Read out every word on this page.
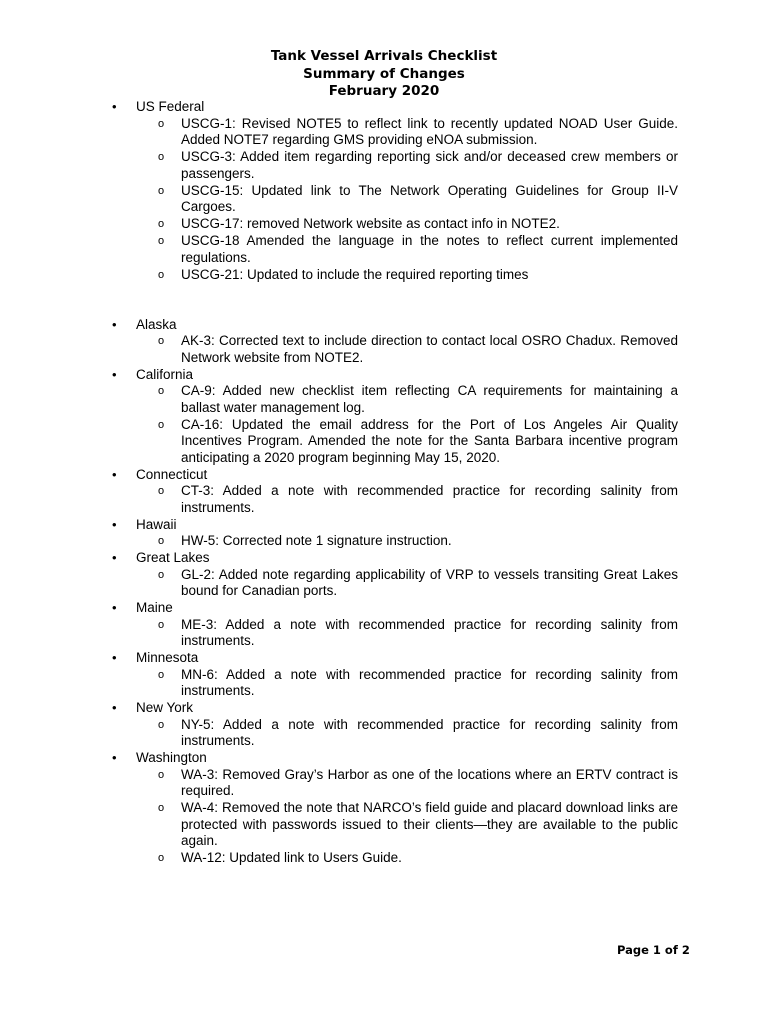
Tank Vessel Arrivals Checklist
Summary of Changes
February 2020
•	US Federal
o USCG-1: Revised NOTE5 to reflect link to recently updated NOAD User Guide. Added NOTE7 regarding GMS providing eNOA submission.
o USCG-3: Added item regarding reporting sick and/or deceased crew members or passengers.
o USCG-15: Updated link to The Network Operating Guidelines for Group II-V Cargoes.
o USCG-17: removed Network website as contact info in NOTE2.
o USCG-18 Amended the language in the notes to reflect current implemented regulations.
o USCG-21: Updated to include the required reporting times
•	Alaska
o AK-3: Corrected text to include direction to contact local OSRO Chadux. Removed Network website from NOTE2.
•	California
o CA-9: Added new checklist item reflecting CA requirements for maintaining a ballast water management log.
o CA-16: Updated the email address for the Port of Los Angeles Air Quality Incentives Program. Amended the note for the Santa Barbara incentive program anticipating a 2020 program beginning May 15, 2020.
•	Connecticut
o CT-3: Added a note with recommended practice for recording salinity from instruments.
•	Hawaii
o HW-5: Corrected note 1 signature instruction.
•	Great Lakes
o GL-2: Added note regarding applicability of VRP to vessels transiting Great Lakes bound for Canadian ports.
•	Maine
o ME-3: Added a note with recommended practice for recording salinity from instruments.
•	Minnesota
o MN-6: Added a note with recommended practice for recording salinity from instruments.
•	New York
o NY-5: Added a note with recommended practice for recording salinity from instruments.
•	Washington
o WA-3: Removed Gray’s Harbor as one of the locations where an ERTV contract is required.
o WA-4: Removed the note that NARCO’s field guide and placard download links are protected with passwords issued to their clients—they are available to the public again.
o WA-12: Updated link to Users Guide.
Page 1 of 2
